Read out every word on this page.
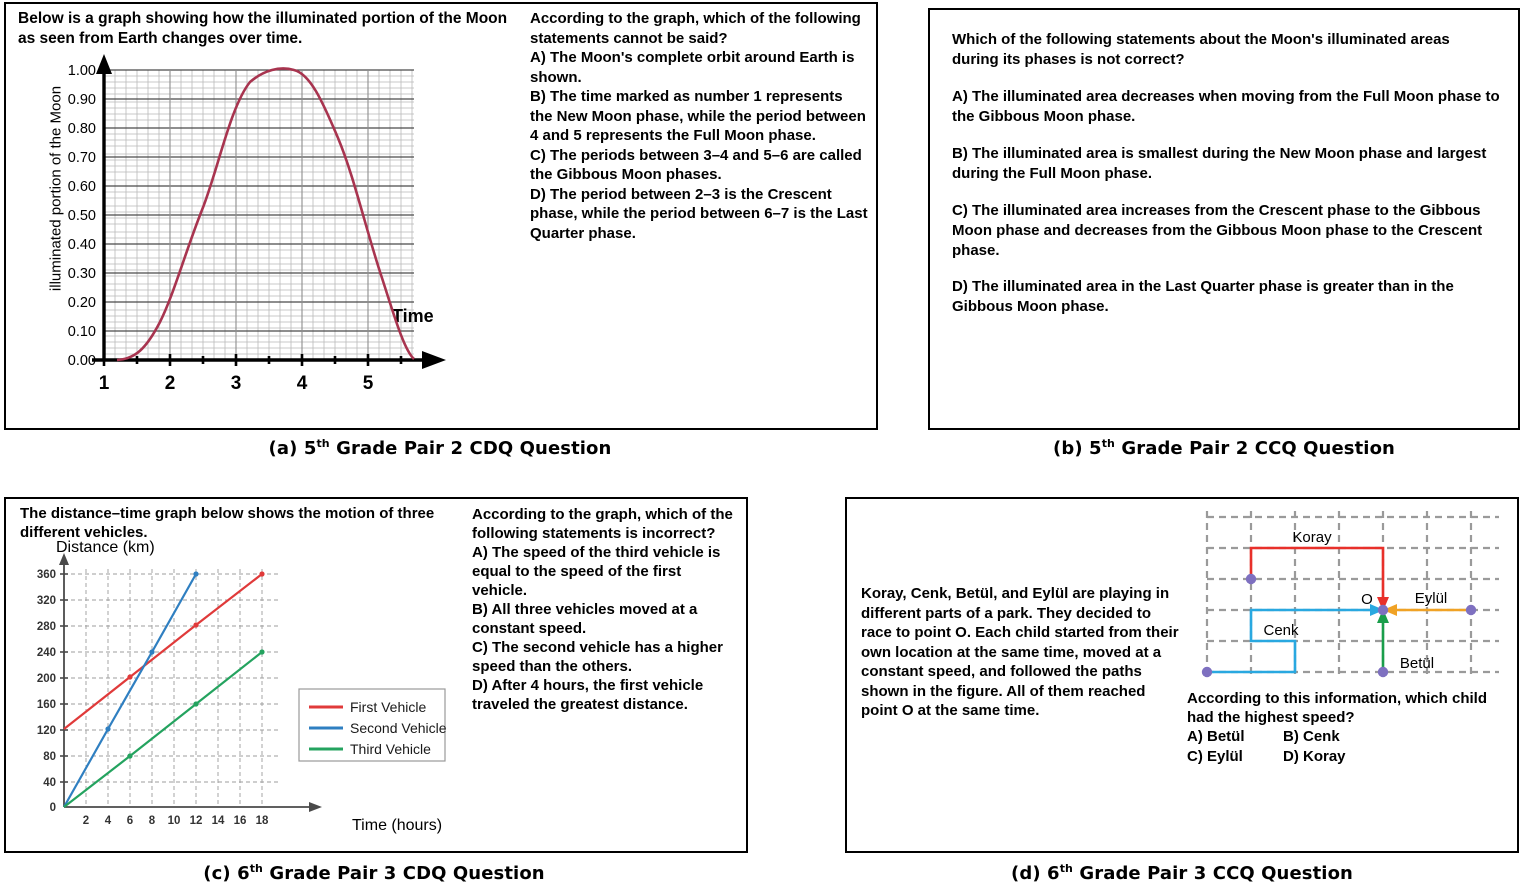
Below is a graph showing how the illuminated portion of the Moon as seen from Earth changes over time.
illuminated portion of the Moon
1.00
0.90
0.80
0.70
0.60
0.50
0.40
0.30
0.20
0.10
0.00
1	2	3	4	5
Time
According to the graph, which of the following statements cannot be said?
A) The Moon's complete orbit around Earth is shown.
B) The time marked as number 1 represents the New Moon phase, while the period between 4 and 5 represents the Full Moon phase.
C) The periods between 3–4 and 5–6 are called the Gibbous Moon phases.
D) The period between 2–3 is the Crescent phase, while the period between 6–7 is the Last Quarter phase.
(a) 5th Grade Pair 2 CDQ Question

Which of the following statements about the Moon's illuminated areas during its phases is not correct?

A) The illuminated area decreases when moving from the Full Moon phase to the Gibbous Moon phase.

B) The illuminated area is smallest during the New Moon phase and largest during the Full Moon phase.

C) The illuminated area increases from the Crescent phase to the Gibbous Moon phase and decreases from the Gibbous Moon phase to the Crescent phase.

D) The illuminated area in the Last Quarter phase is greater than in the Gibbous Moon phase.

(b) 5th Grade Pair 2 CCQ Question
The distance–time graph below shows the motion of three different vehicles.
Distance (km)
Time (hours)
0
40
80
120
160
200
240
280
320
360
2 4 6 8 10 12 14 16 18
First Vehicle
Second Vehicle
Third Vehicle
According to the graph, which of the following statements is incorrect?
A) The speed of the third vehicle is equal to the speed of the first vehicle.
B) All three vehicles moved at a constant speed.
C) The second vehicle has a higher speed than the others.
D) After 4 hours, the first vehicle traveled the greatest distance.
(c) 6th Grade Pair 3 CDQ Question
Koray, Cenk, Betül, and Eylül are playing in different parts of a park. They decided to race to point O. Each child started from their own location at the same time, moved at a constant speed, and followed the paths shown in the figure. All of them reached point O at the same time.
Koray
Cenk
Betül
Eylül
O
According to this information, which child had the highest speed?
A) Betül	B) Cenk
C) Eylül	D) Koray
(d) 6th Grade Pair 3 CCQ Question
